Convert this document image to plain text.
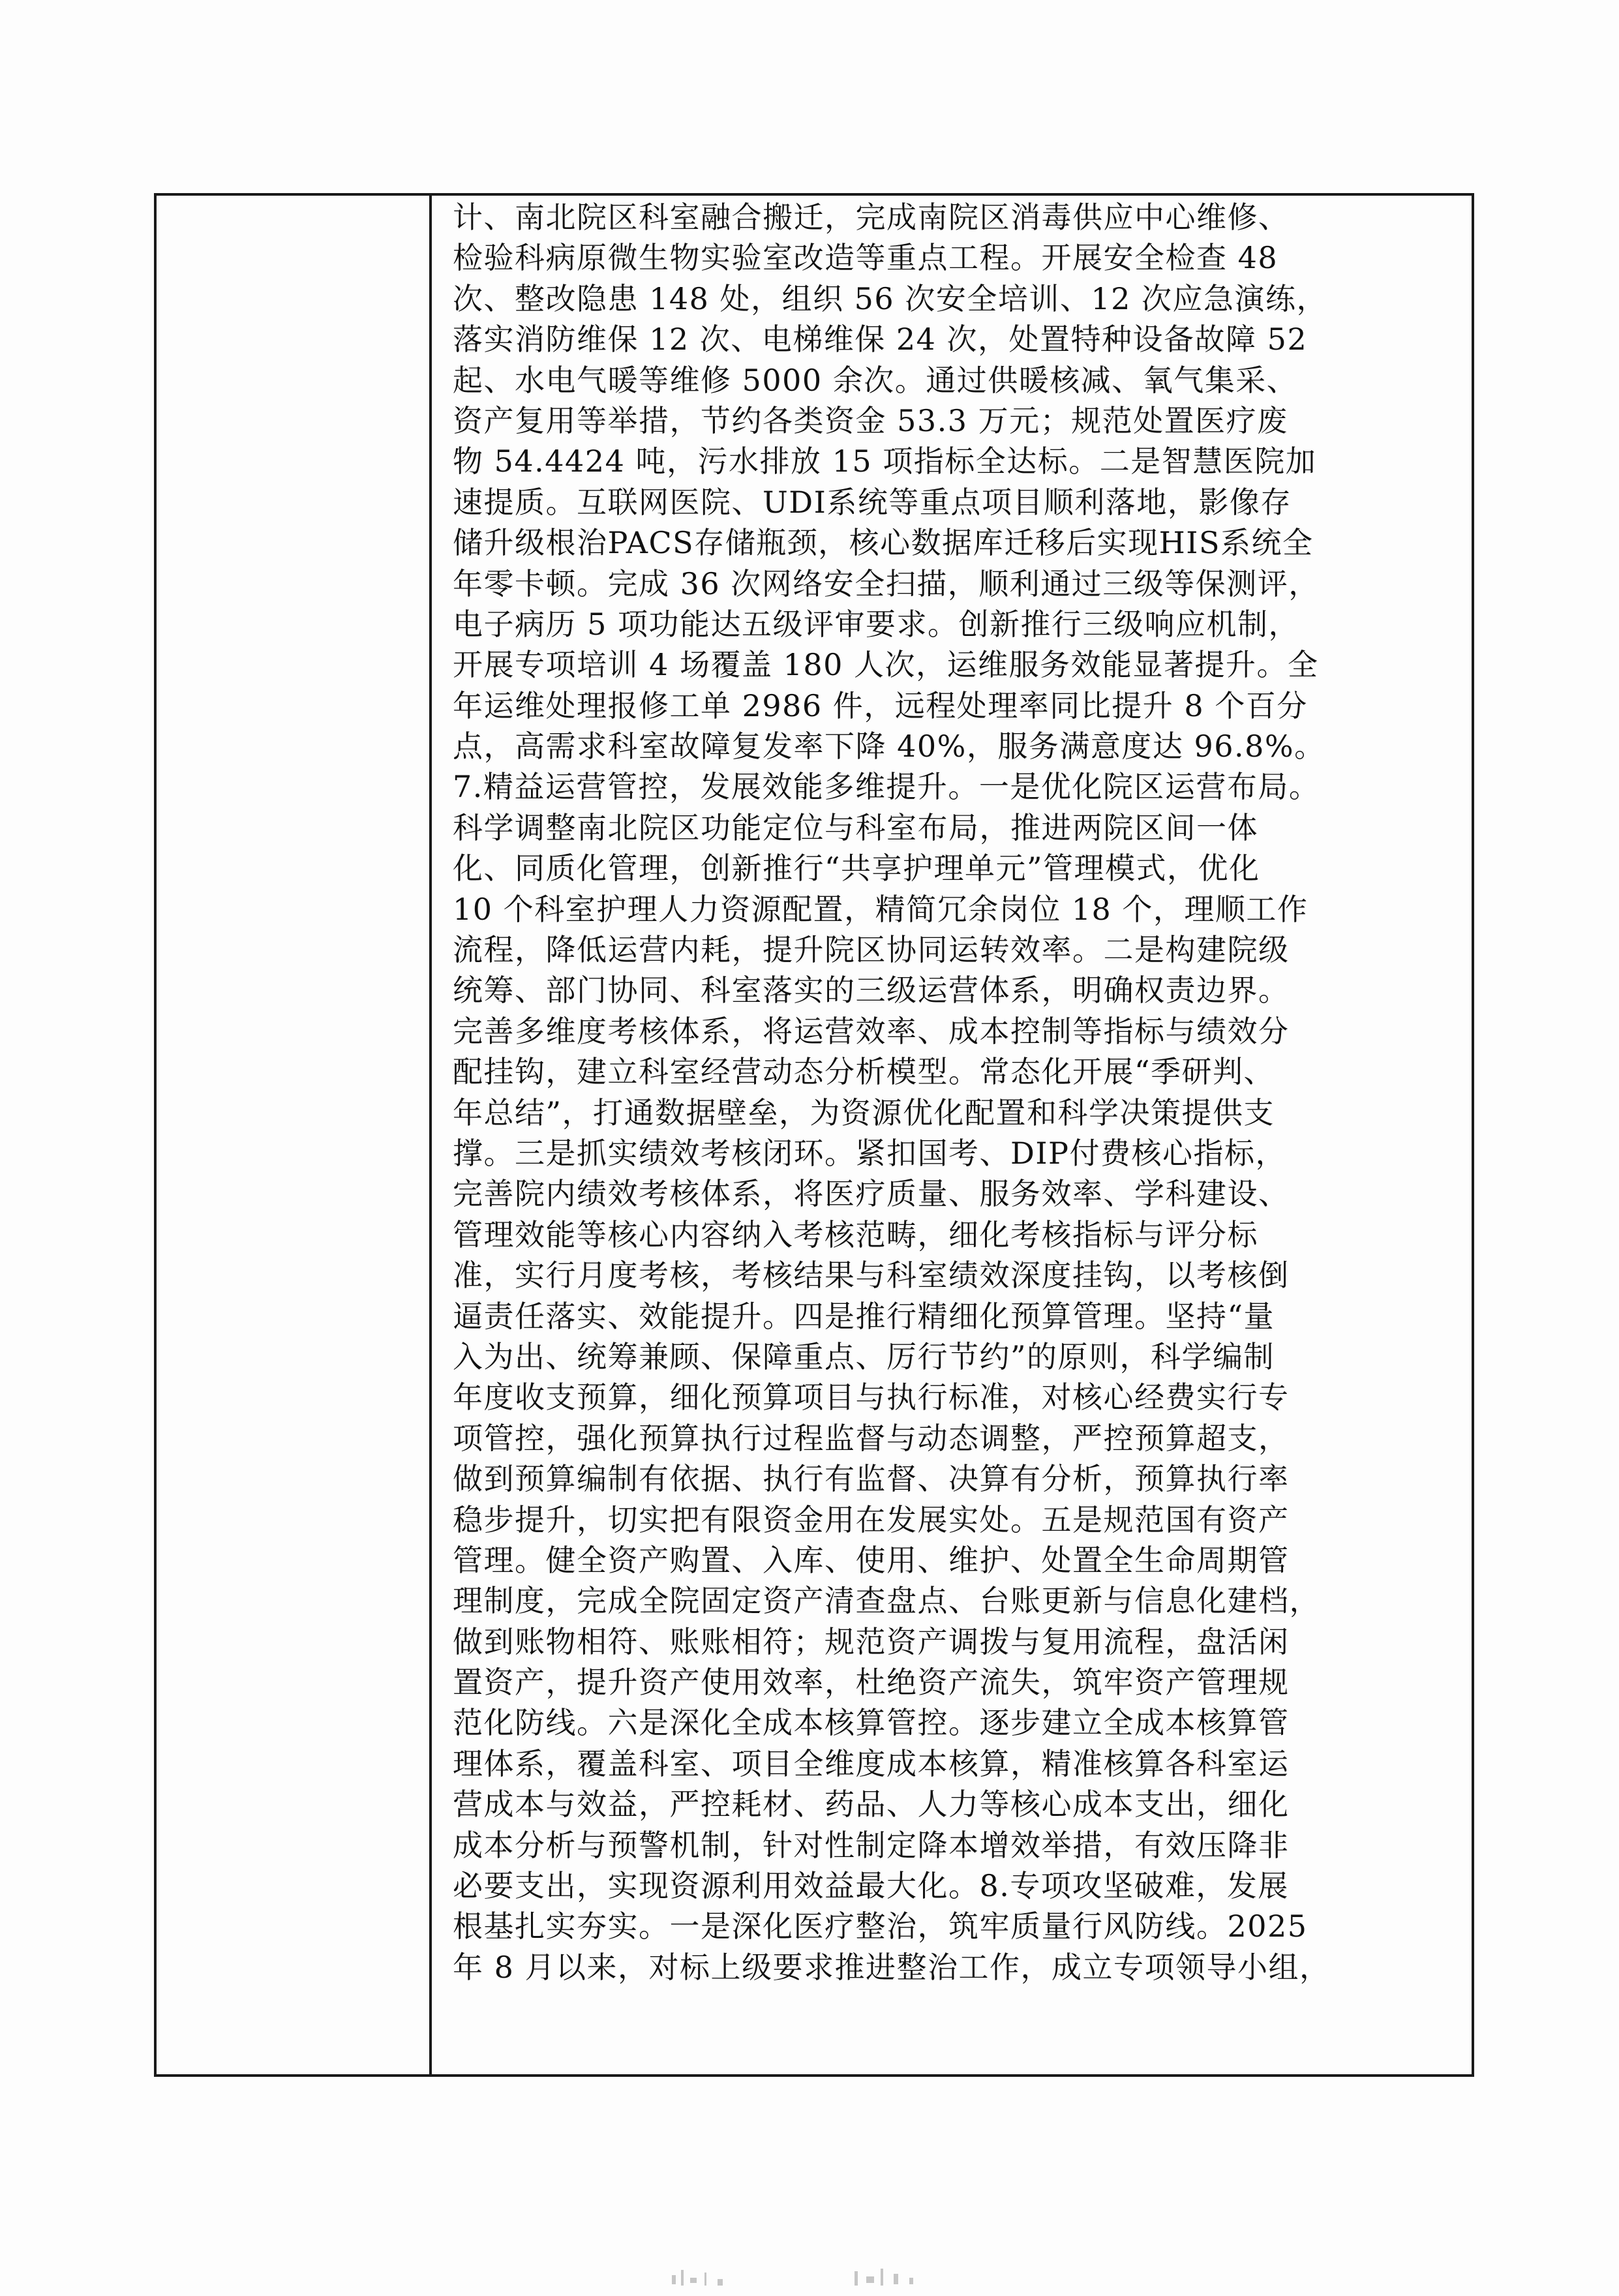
计、南北院区科室融合搬迁，完成南院区消毒供应中心维修、
检验科病原微生物实验室改造等重点工程。开展安全检查 48
次、整改隐患 148 处，组织 56 次安全培训、12 次应急演练，
落实消防维保 12 次、电梯维保 24 次，处置特种设备故障 52
起、水电气暖等维修 5000 余次。通过供暖核减、氧气集采、
资产复用等举措，节约各类资金 53.3 万元；规范处置医疗废
物 54.4424 吨，污水排放 15 项指标全达标。二是智慧医院加
速提质。互联网医院、UDI系统等重点项目顺利落地，影像存
储升级根治PACS存储瓶颈，核心数据库迁移后实现HIS系统全
年零卡顿。完成 36 次网络安全扫描，顺利通过三级等保测评，
电子病历 5 项功能达五级评审要求。创新推行三级响应机制，
开展专项培训 4 场覆盖 180 人次，运维服务效能显著提升。全
年运维处理报修工单 2986 件，远程处理率同比提升 8 个百分
点，高需求科室故障复发率下降 40%，服务满意度达 96.8%。
7.精益运营管控，发展效能多维提升。一是优化院区运营布局。
科学调整南北院区功能定位与科室布局，推进两院区间一体
化、同质化管理，创新推行“共享护理单元”管理模式，优化
10 个科室护理人力资源配置，精简冗余岗位 18 个，理顺工作
流程，降低运营内耗，提升院区协同运转效率。二是构建院级
统筹、部门协同、科室落实的三级运营体系，明确权责边界。
完善多维度考核体系，将运营效率、成本控制等指标与绩效分
配挂钩，建立科室经营动态分析模型。常态化开展“季研判、
年总结”，打通数据壁垒，为资源优化配置和科学决策提供支
撑。三是抓实绩效考核闭环。紧扣国考、DIP付费核心指标，
完善院内绩效考核体系，将医疗质量、服务效率、学科建设、
管理效能等核心内容纳入考核范畴，细化考核指标与评分标
准，实行月度考核，考核结果与科室绩效深度挂钩，以考核倒
逼责任落实、效能提升。四是推行精细化预算管理。坚持“量
入为出、统筹兼顾、保障重点、厉行节约”的原则，科学编制
年度收支预算，细化预算项目与执行标准，对核心经费实行专
项管控，强化预算执行过程监督与动态调整，严控预算超支，
做到预算编制有依据、执行有监督、决算有分析，预算执行率
稳步提升，切实把有限资金用在发展实处。五是规范国有资产
管理。健全资产购置、入库、使用、维护、处置全生命周期管
理制度，完成全院固定资产清查盘点、台账更新与信息化建档，
做到账物相符、账账相符；规范资产调拨与复用流程，盘活闲
置资产，提升资产使用效率，杜绝资产流失，筑牢资产管理规
范化防线。六是深化全成本核算管控。逐步建立全成本核算管
理体系，覆盖科室、项目全维度成本核算，精准核算各科室运
营成本与效益，严控耗材、药品、人力等核心成本支出，细化
成本分析与预警机制，针对性制定降本增效举措，有效压降非
必要支出，实现资源利用效益最大化。8.专项攻坚破难，发展
根基扎实夯实。一是深化医疗整治，筑牢质量行风防线。2025
年 8 月以来，对标上级要求推进整治工作，成立专项领导小组，
